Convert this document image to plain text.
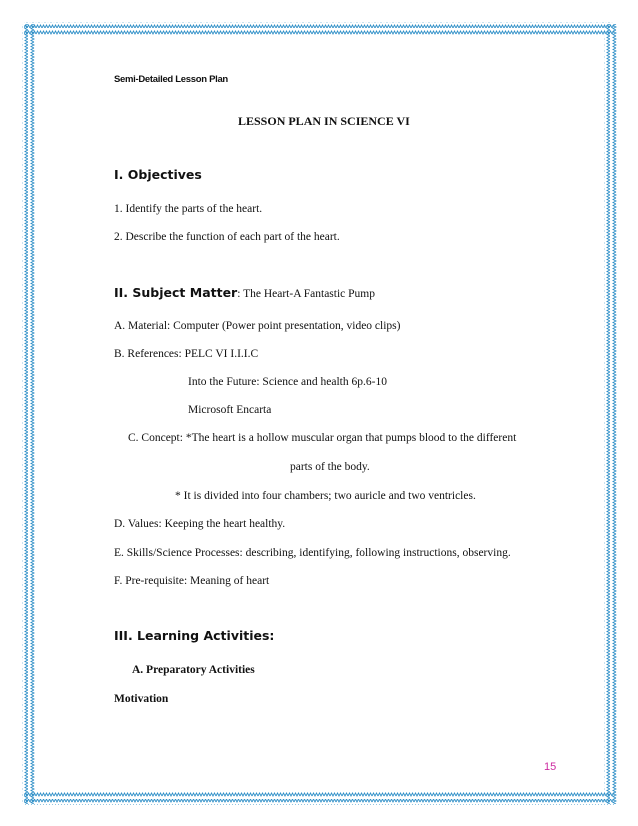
Semi-Detailed Lesson Plan
LESSON PLAN IN SCIENCE VI
I. Objectives
1. Identify the parts of the heart.
2. Describe the function of each part of the heart.
II. Subject Matter: The Heart-A Fantastic Pump
A. Material: Computer (Power point presentation, video clips)
B. References: PELC VI I.I.I.C
Into the Future: Science and health 6p.6-10
Microsoft Encarta
C. Concept: *The heart is a hollow muscular organ that pumps blood to the different
parts of the body.
* It is divided into four chambers; two auricle and two ventricles.
D. Values: Keeping the heart healthy.
E. Skills/Science Processes: describing, identifying, following instructions, observing.
F. Pre-requisite: Meaning of heart
III. Learning Activities:
A. Preparatory Activities
Motivation
15
